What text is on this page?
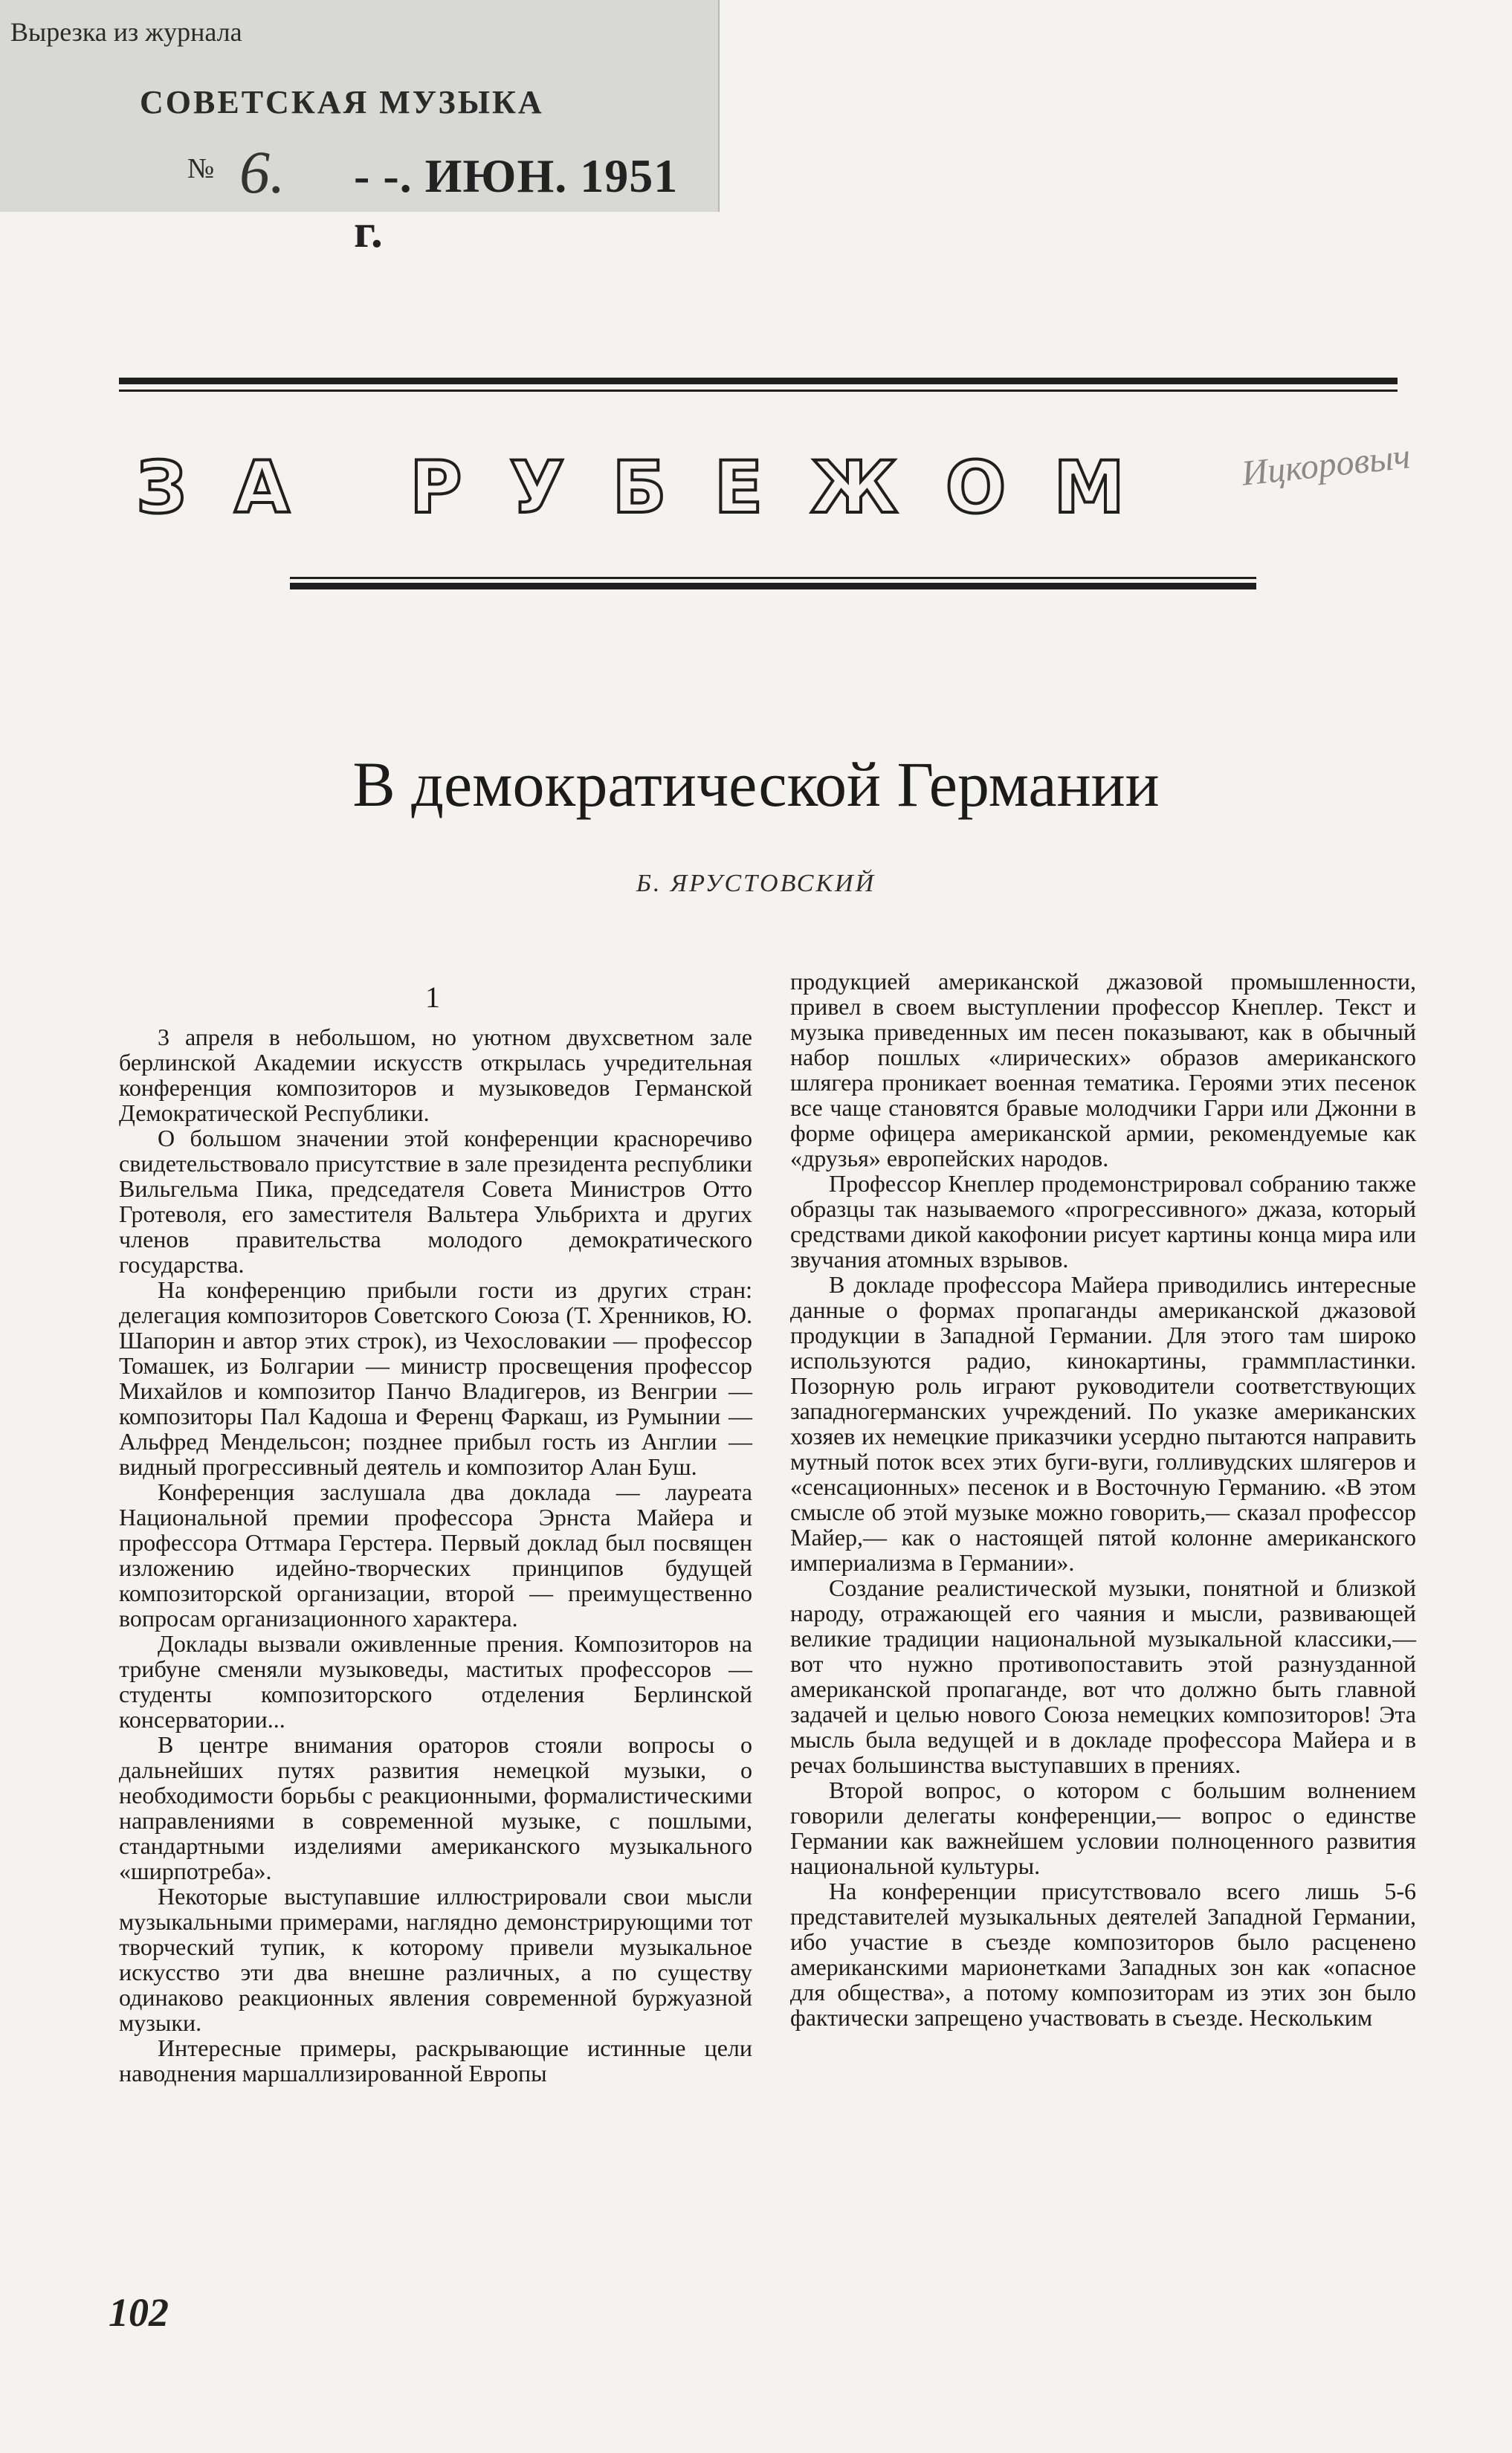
Вырезка из журнала
СОВЕТСКАЯ МУЗЫКА
№ 6. - -. ИЮН. 1951 г.
ЗА РУБЕЖОМ	Ицкоровыч
В демократической Германии
Б. ЯРУСТОВСКИЙ
1

3 апреля в небольшом, но уютном двухсветном зале берлинской Академии искусств открылась учредительная конференция композиторов и музыковедов Германской Демократической Республики.

О большом значении этой конференции красноречиво свидетельствовало присутствие в зале президента республики Вильгельма Пика, председателя Совета Министров Отто Гротеволя, его заместителя Вальтера Ульбрихта и других членов правительства молодого демократического государства.

На конференцию прибыли гости из других стран: делегация композиторов Советского Союза (Т. Хренников, Ю. Шапорин и автор этих строк), из Чехословакии — профессор Томашек, из Болгарии — министр просвещения профессор Михайлов и композитор Панчо Владигеров, из Венгрии — композиторы Пал Кадоша и Ференц Фаркаш, из Румынии — Альфред Мендельсон; позднее прибыл гость из Англии — видный прогрессивный деятель и композитор Алан Буш.

Конференция заслушала два доклада — лауреата Национальной премии профессора Эрнста Майера и профессора Оттмара Герстера. Первый доклад был посвящен изложению идейно-творческих принципов будущей композиторской организации, второй — преимущественно вопросам организационного характера.

Доклады вызвали оживленные прения. Композиторов на трибуне сменяли музыковеды, маститых профессоров — студенты композиторского отделения Берлинской консерватории...

В центре внимания ораторов стояли вопросы о дальнейших путях развития немецкой музыки, о необходимости борьбы с реакционными, формалистическими направлениями в современной музыке, с пошлыми, стандартными изделиями американского музыкального «ширпотреба».

Некоторые выступавшие иллюстрировали свои мысли музыкальными примерами, наглядно демонстрирующими тот творческий тупик, к которому привели музыкальное искусство эти два внешне различных, а по существу одинаково реакционных явления современной буржуазной музыки.

Интересные примеры, раскрывающие истинные цели наводнения маршаллизированной Европы

продукцией американской джазовой промышленности, привел в своем выступлении профессор Кнеплер. Текст и музыка приведенных им песен показывают, как в обычный набор пошлых «лирических» образов американского шлягера проникает военная тематика. Героями этих песенок все чаще становятся бравые молодчики Гарри или Джонни в форме офицера американской армии, рекомендуемые как «друзья» европейских народов.

Профессор Кнеплер продемонстрировал собранию также образцы так называемого «прогрессивного» джаза, который средствами дикой какофонии рисует картины конца мира или звучания атомных взрывов.

В докладе профессора Майера приводились интересные данные о формах пропаганды американской джазовой продукции в Западной Германии. Для этого там широко используются радио, кинокартины, граммпластинки. Позорную роль играют руководители соответствующих западногерманских учреждений. По указке американских хозяев их немецкие приказчики усердно пытаются направить мутный поток всех этих буги-вуги, голливудских шлягеров и «сенсационных» песенок и в Восточную Германию. «В этом смысле об этой музыке можно говорить,— сказал профессор Майер,— как о настоящей пятой колонне американского империализма в Германии».

Создание реалистической музыки, понятной и близкой народу, отражающей его чаяния и мысли, развивающей великие традиции национальной музыкальной классики,— вот что нужно противопоставить этой разнузданной американской пропаганде, вот что должно быть главной задачей и целью нового Союза немецких композиторов! Эта мысль была ведущей и в докладе профессора Майера и в речах большинства выступавших в прениях.

Второй вопрос, о котором с большим волнением говорили делегаты конференции,— вопрос о единстве Германии как важнейшем условии полноценного развития национальной культуры.

На конференции присутствовало всего лишь 5-6 представителей музыкальных деятелей Западной Германии, ибо участие в съезде композиторов было расценено американскими марионетками Западных зон как «опасное для общества», а потому композиторам из этих зон было фактически запрещено участвовать в съезде. Нескольким

102
